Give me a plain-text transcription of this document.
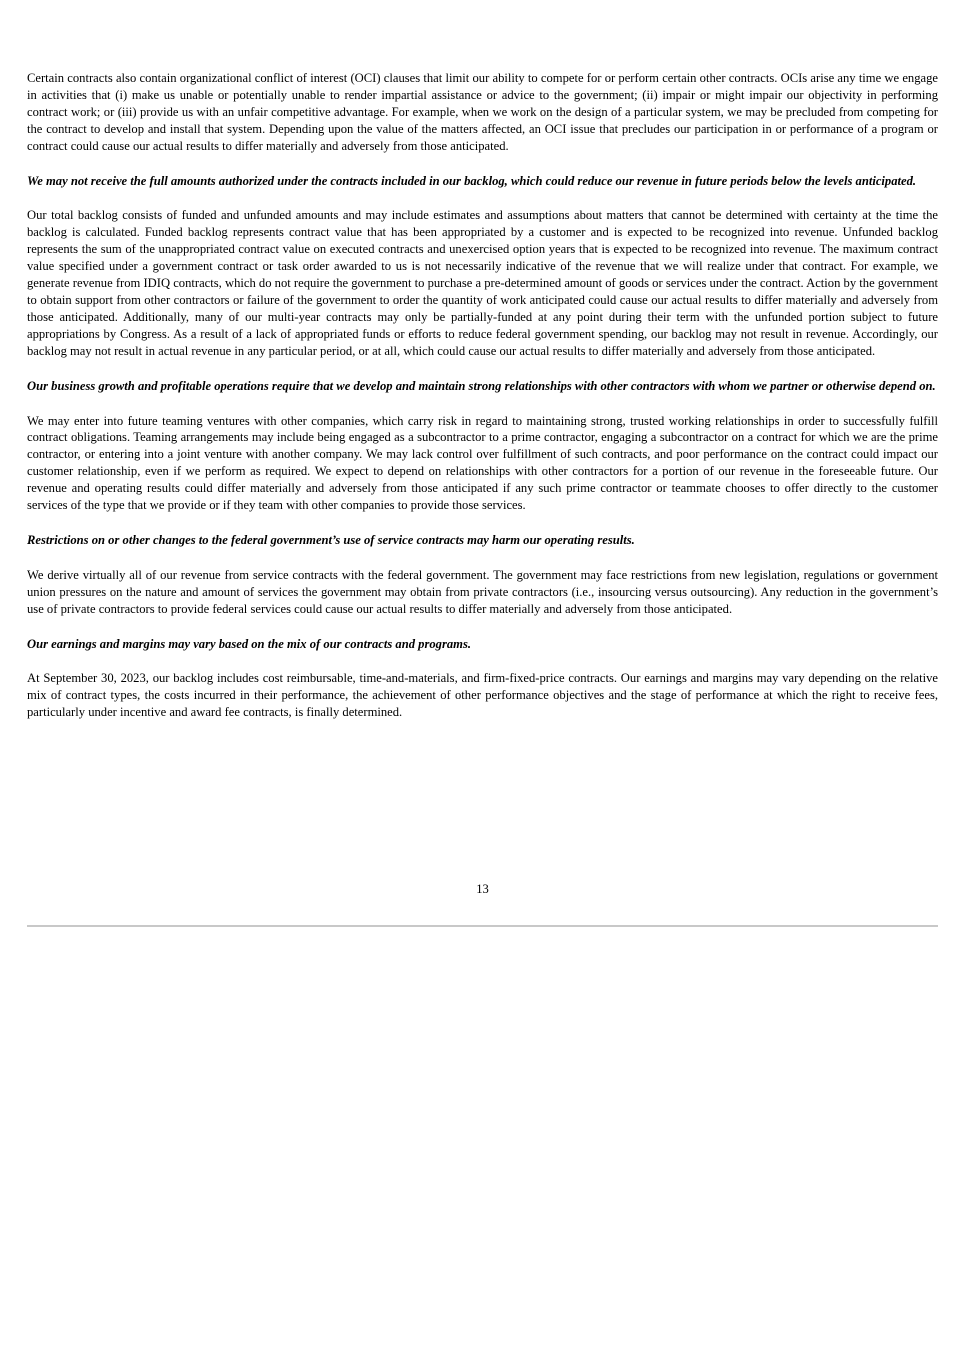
Certain contracts also contain organizational conflict of interest (OCI) clauses that limit our ability to compete for or perform certain other contracts. OCIs arise any time we engage in activities that (i) make us unable or potentially unable to render impartial assistance or advice to the government; (ii) impair or might impair our objectivity in performing contract work; or (iii) provide us with an unfair competitive advantage. For example, when we work on the design of a particular system, we may be precluded from competing for the contract to develop and install that system. Depending upon the value of the matters affected, an OCI issue that precludes our participation in or performance of a program or contract could cause our actual results to differ materially and adversely from those anticipated.

We may not receive the full amounts authorized under the contracts included in our backlog, which could reduce our revenue in future periods below the levels anticipated.

Our total backlog consists of funded and unfunded amounts and may include estimates and assumptions about matters that cannot be determined with certainty at the time the backlog is calculated. Funded backlog represents contract value that has been appropriated by a customer and is expected to be recognized into revenue. Unfunded backlog represents the sum of the unappropriated contract value on executed contracts and unexercised option years that is expected to be recognized into revenue. The maximum contract value specified under a government contract or task order awarded to us is not necessarily indicative of the revenue that we will realize under that contract. For example, we generate revenue from IDIQ contracts, which do not require the government to purchase a pre-determined amount of goods or services under the contract. Action by the government to obtain support from other contractors or failure of the government to order the quantity of work anticipated could cause our actual results to differ materially and adversely from those anticipated. Additionally, many of our multi-year contracts may only be partially-funded at any point during their term with the unfunded portion subject to future appropriations by Congress. As a result of a lack of appropriated funds or efforts to reduce federal government spending, our backlog may not result in revenue. Accordingly, our backlog may not result in actual revenue in any particular period, or at all, which could cause our actual results to differ materially and adversely from those anticipated.

Our business growth and profitable operations require that we develop and maintain strong relationships with other contractors with whom we partner or otherwise depend on.

We may enter into future teaming ventures with other companies, which carry risk in regard to maintaining strong, trusted working relationships in order to successfully fulfill contract obligations. Teaming arrangements may include being engaged as a subcontractor to a prime contractor, engaging a subcontractor on a contract for which we are the prime contractor, or entering into a joint venture with another company. We may lack control over fulfillment of such contracts, and poor performance on the contract could impact our customer relationship, even if we perform as required. We expect to depend on relationships with other contractors for a portion of our revenue in the foreseeable future. Our revenue and operating results could differ materially and adversely from those anticipated if any such prime contractor or teammate chooses to offer directly to the customer services of the type that we provide or if they team with other companies to provide those services.

Restrictions on or other changes to the federal government’s use of service contracts may harm our operating results.

We derive virtually all of our revenue from service contracts with the federal government. The government may face restrictions from new legislation, regulations or government union pressures on the nature and amount of services the government may obtain from private contractors (i.e., insourcing versus outsourcing). Any reduction in the government’s use of private contractors to provide federal services could cause our actual results to differ materially and adversely from those anticipated.

Our earnings and margins may vary based on the mix of our contracts and programs.

At September 30, 2023, our backlog includes cost reimbursable, time-and-materials, and firm-fixed-price contracts. Our earnings and margins may vary depending on the relative mix of contract types, the costs incurred in their performance, the achievement of other performance objectives and the stage of performance at which the right to receive fees, particularly under incentive and award fee contracts, is finally determined.

13
